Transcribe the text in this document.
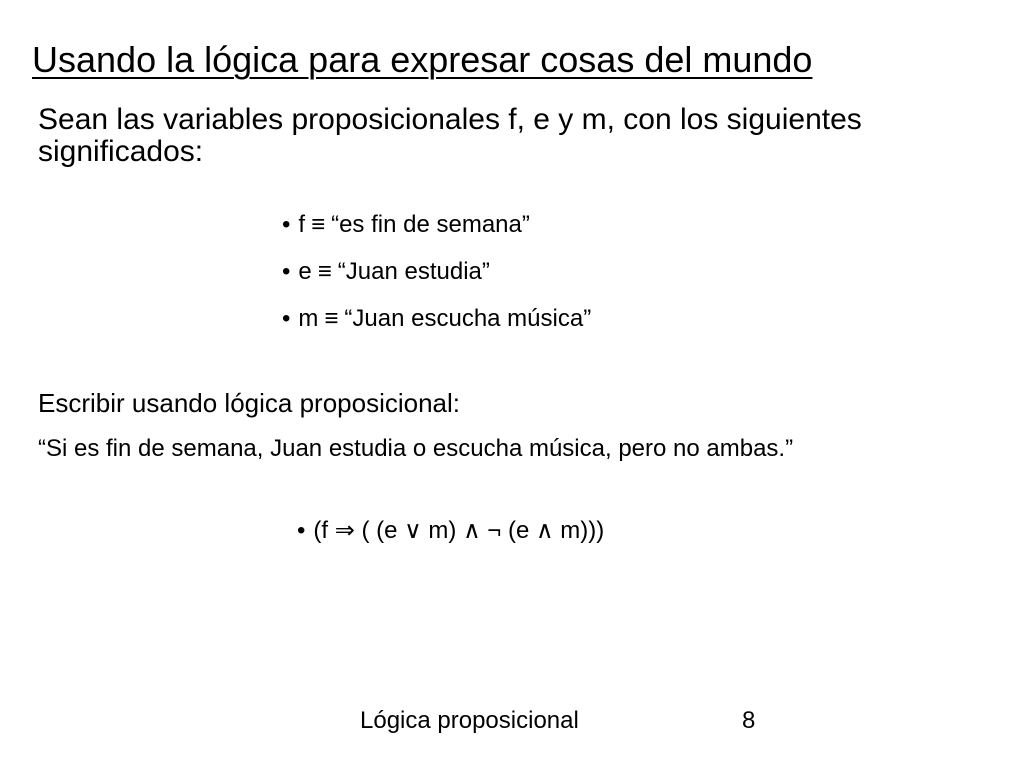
Usando la lógica para expresar cosas del mundo
Sean las variables proposicionales f, e y m, con los siguientes significados:
• f ≡ “es fin de semana”
• e ≡ “Juan estudia”
• m ≡ “Juan escucha música”
Escribir usando lógica proposicional:
“Si es fin de semana, Juan estudia o escucha música, pero no ambas.”
• (f ⇒ ( (e ∨ m) ∧ ¬ (e ∧ m)))
Lógica proposicional	8
